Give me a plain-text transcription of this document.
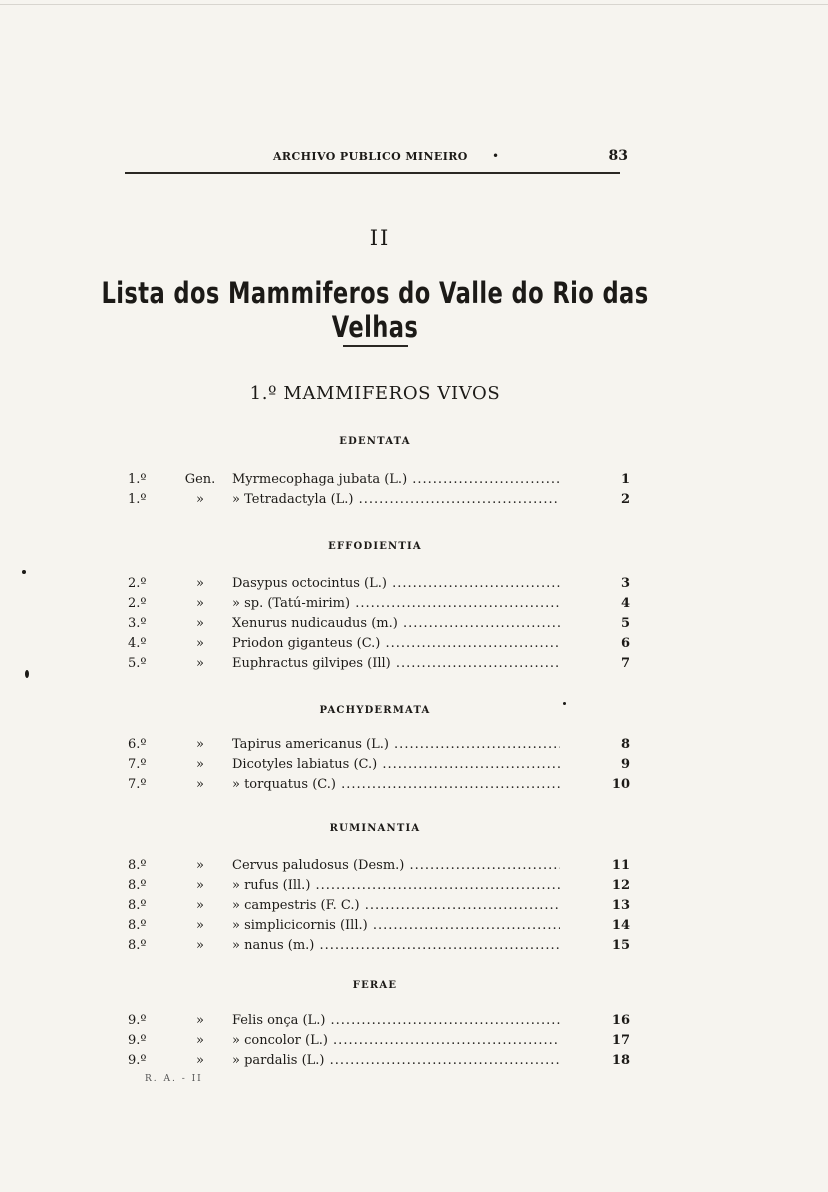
ARCHIVO PUBLICO MINEIRO •	83
II
Lista dos Mammiferos do Valle do Rio das Velhas
1.º MAMMIFEROS VIVOS
EDENTATA
1.º	Gen.	Myrmecophaga jubata (L.) .....	1
1.º	»	» Tetradactyla (L.) .....	2
EFFODIENTIA
2.º	»	Dasypus octocintus (L.) .....	3
2.º	»	» sp. (Tatú-mirim) .....	4
3.º	»	Xenurus nudicaudus (m.) .....	5
4.º	»	Priodon giganteus (C.) .....	6
5.º	»	Euphractus gilvipes (Ill) .....	7
PACHYDERMATA
6.º	»	Tapirus americanus (L.) .....	8
7.º	»	Dicotyles labiatus (C.) .....	9
7.º	»	» torquatus (C.) .....	10
RUMINANTIA
8.º	»	Cervus paludosus (Desm.) .....	11
8.º	»	» rufus (Ill.) .....	12
8.º	»	» campestris (F. C.) .....	13
8.º	»	» simplicicornis (Ill.) .....	14
8.º	»	» nanus (m.) .....	15
FERAE
9.º	»	Felis onça (L.) .....	16
9.º	»	» concolor (L.) .....	17
9.º	»	» pardalis (L.) .....	18
R. A. - II
